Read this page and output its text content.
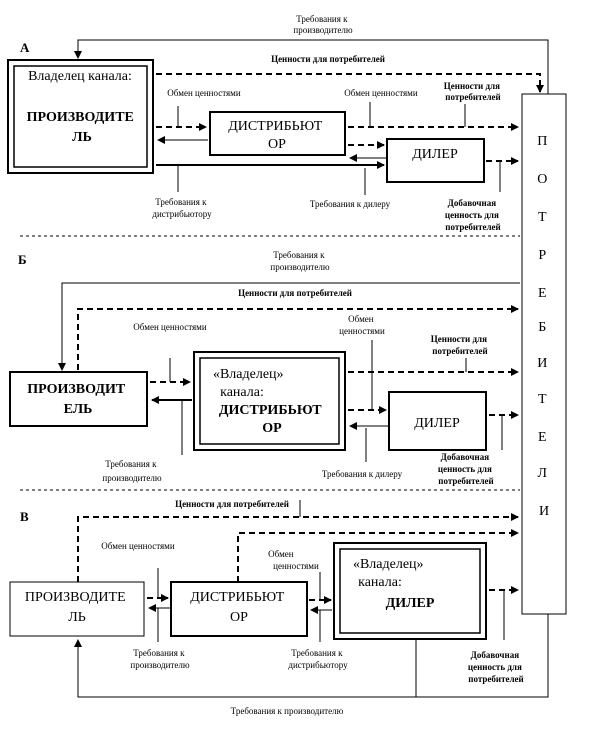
П О Т Р Е Б И Т Е Л И
А
Владелец канала:
ПРОИЗВОДИТЕ ЛЬ
ДИСТРИБЬЮТ ОР
ДИЛЕР
Требования к производителю
Ценности для потребителей
Обмен ценностями	Обмен ценностями
Ценности для потребителей
Требования к дистрибьютору
Требования к дилеру	Добавочная ценность для потребителей
Б	Требования к производителю
Ценности для потребителей
Обмен ценностями
Обмен ценностями
Ценности для потребителей
ПРОИЗВОДИТ ЕЛЬ
«Владелец» канала:
ДИСТРИБЬЮТ ОР	ДИЛЕР
Требования к производителю	Требования к дилеру
Добавочная ценность для потребителей
В
Ценности для потребителей
Обмен ценностями
Обмен ценностями
ПРОИЗВОДИТЕ ЛЬ
ДИСТРИБЬЮТ ОР
«Владелец» канала:
ДИЛЕР
Требования к производителю
Требования к дистрибьютору
Добавочная ценность для потребителей
Требования к производителю
